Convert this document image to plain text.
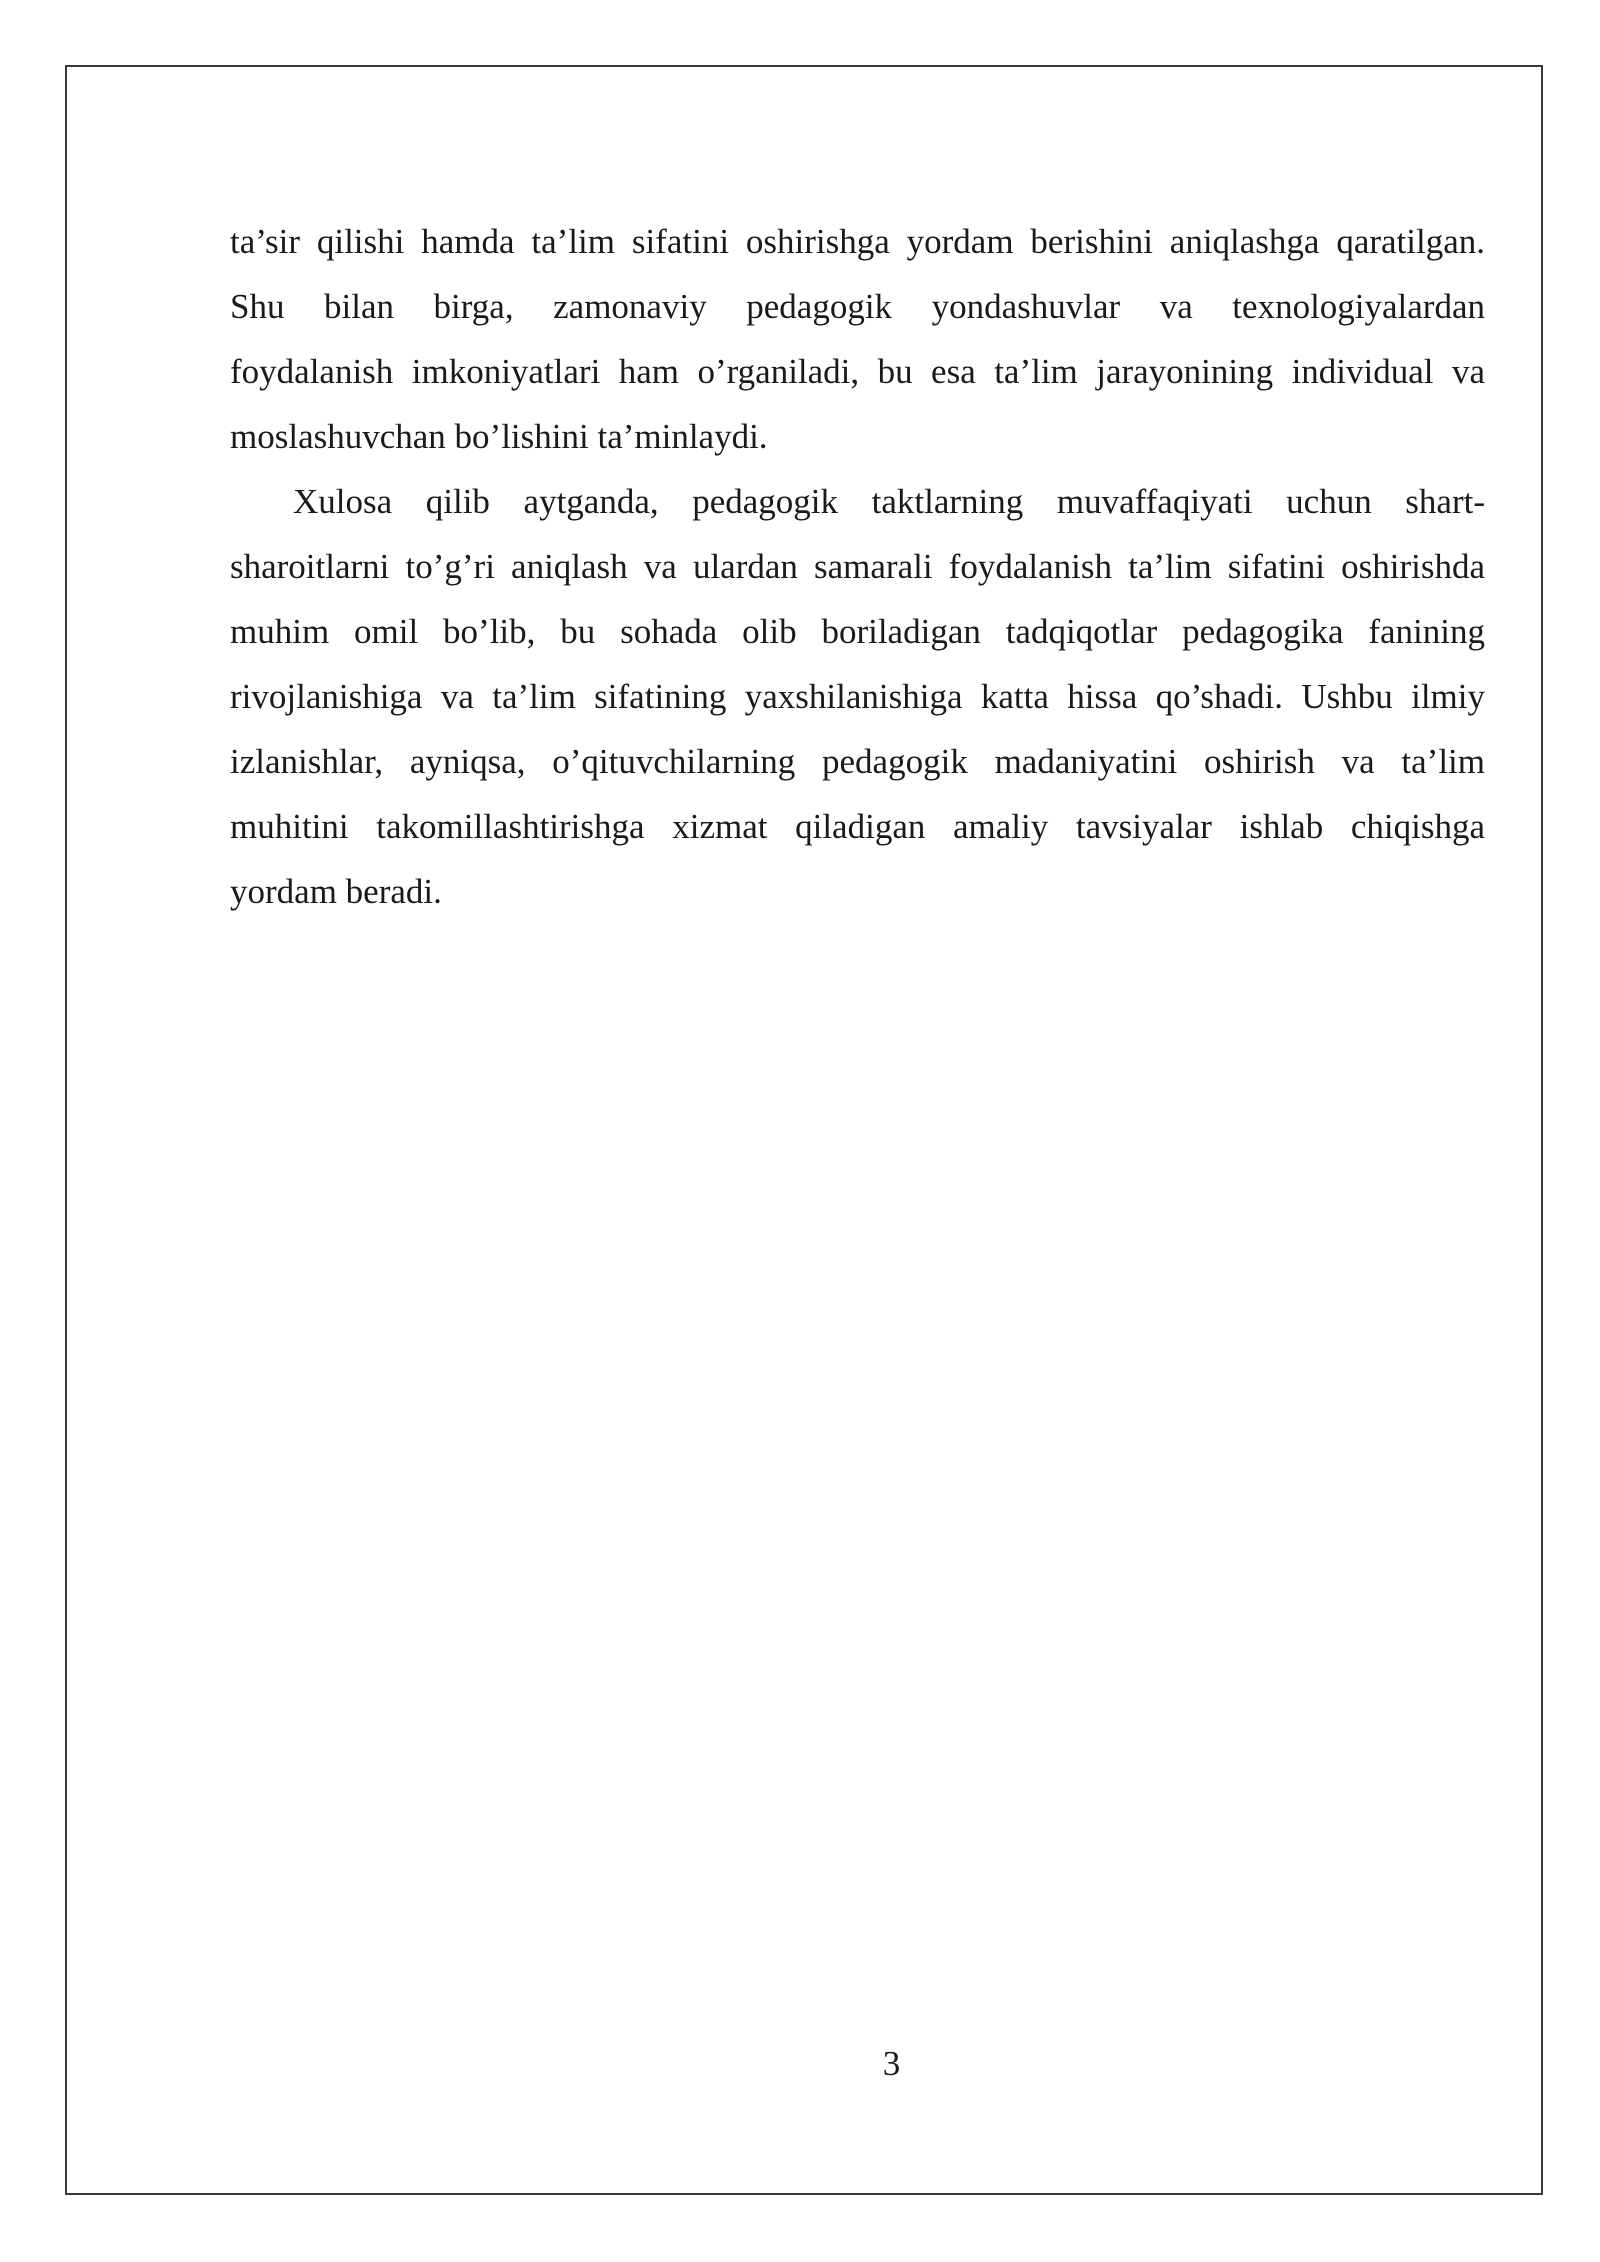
ta’sir qilishi hamda ta’lim sifatini oshirishga yordam berishini aniqlashga qaratilgan.
Shu bilan birga, zamonaviy pedagogik yondashuvlar va texnologiyalardan
foydalanish imkoniyatlari ham o’rganiladi, bu esa ta’lim jarayonining individual va
moslashuvchan bo’lishini ta’minlaydi.
Xulosa qilib aytganda, pedagogik taktlarning muvaffaqiyati uchun shart-
sharoitlarni to’g’ri aniqlash va ulardan samarali foydalanish ta’lim sifatini oshirishda
muhim omil bo’lib, bu sohada olib boriladigan tadqiqotlar pedagogika fanining
rivojlanishiga va ta’lim sifatining yaxshilanishiga katta hissa qo’shadi. Ushbu ilmiy
izlanishlar, ayniqsa, o’qituvchilarning pedagogik madaniyatini oshirish va ta’lim
muhitini takomillashtirishga xizmat qiladigan amaliy tavsiyalar ishlab chiqishga
yordam beradi.
3
